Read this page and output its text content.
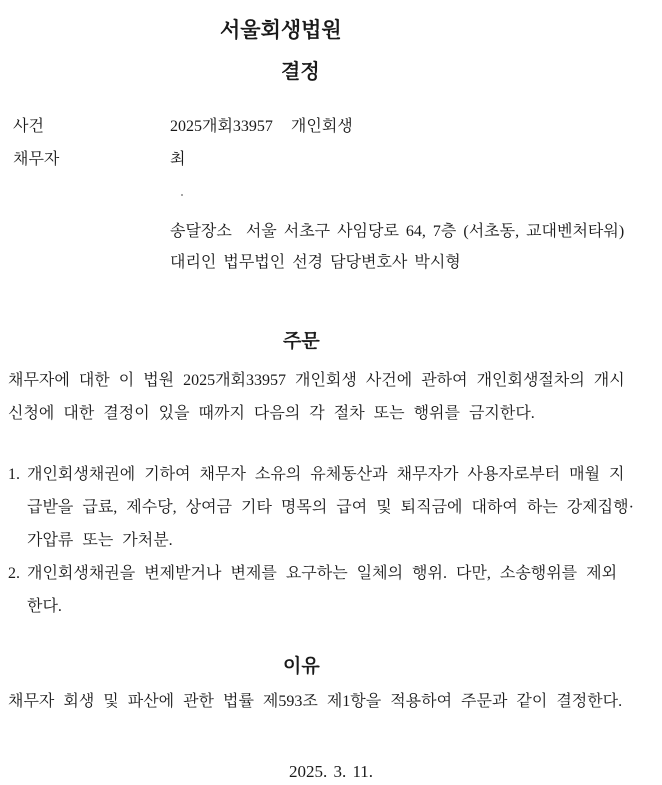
서울회생법원
결정
사건	2025개회33957  개인회생
채무자	최
송달장소  서울 서초구 사임당로 64, 7층 (서초동, 교대벤처타워)
대리인 법무법인 선경 담당변호사 박시형
주문
채무자에 대한 이 법원 2025개회33957 개인회생 사건에 관하여 개인회생절차의 개시
신청에 대한 결정이 있을 때까지 다음의 각 절차 또는 행위를 금지한다.
1. 개인회생채권에 기하여 채무자 소유의 유체동산과 채무자가 사용자로부터 매월 지
급받을 급료, 제수당, 상여금 기타 명목의 급여 및 퇴직금에 대하여 하는 강제집행·
가압류 또는 가처분.
2. 개인회생채권을 변제받거나 변제를 요구하는 일체의 행위. 다만, 소송행위를 제외
한다.
이유
채무자 회생 및 파산에 관한 법률 제593조 제1항을 적용하여 주문과 같이 결정한다.
2025. 3. 11.
